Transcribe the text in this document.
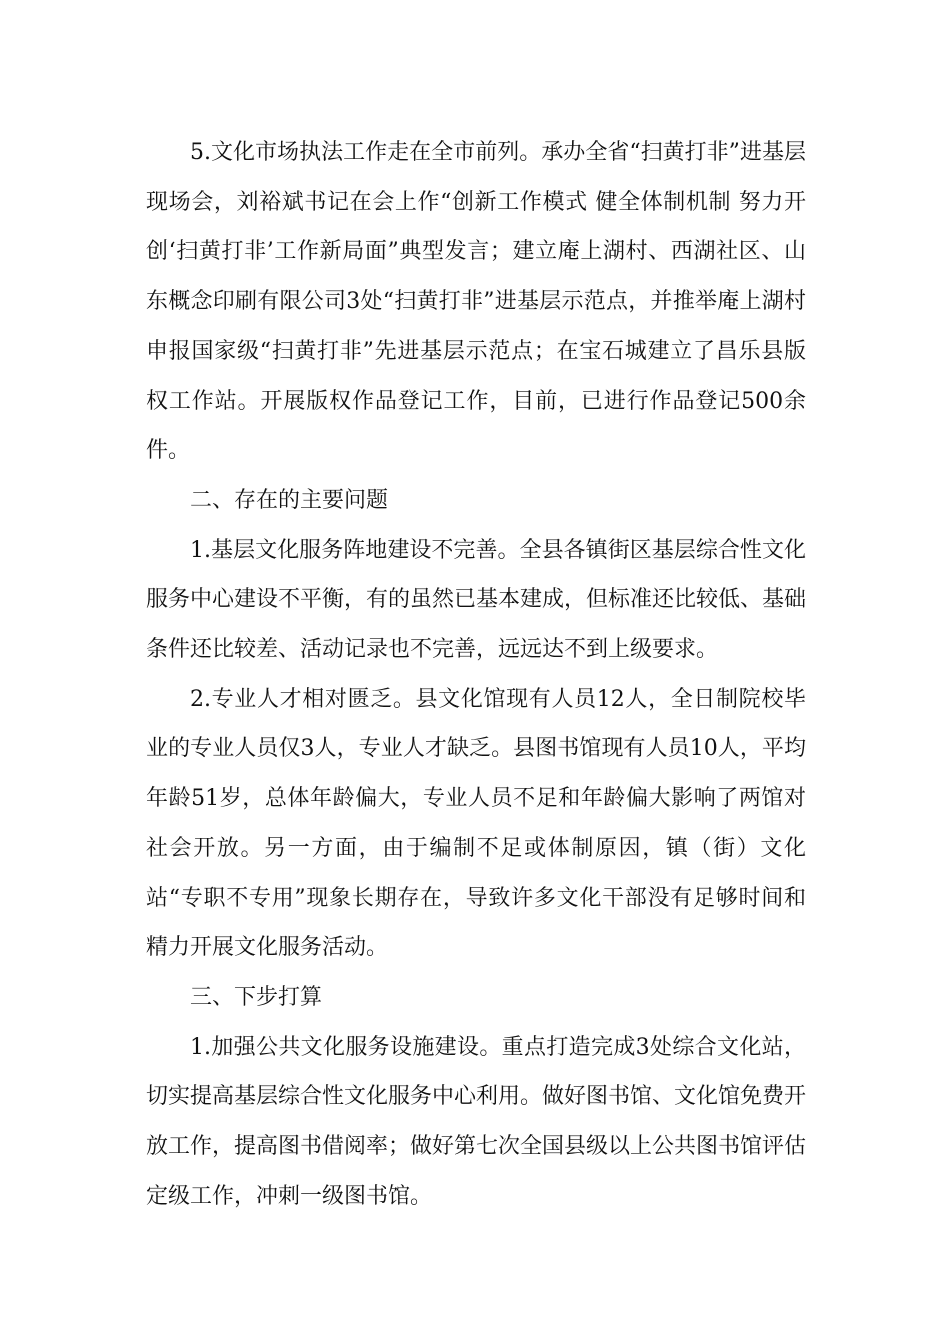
5.文化市场执法工作走在全市前列。承办全省“扫黄打非”进基层现场会，刘裕斌书记在会上作“创新工作模式 健全体制机制 努力开创‘扫黄打非’工作新局面”典型发言；建立庵上湖村、西湖社区、山东概念印刷有限公司3处“扫黄打非”进基层示范点，并推举庵上湖村申报国家级“扫黄打非”先进基层示范点；在宝石城建立了昌乐县版权工作站。开展版权作品登记工作，目前，已进行作品登记500余件。

二、存在的主要问题

1.基层文化服务阵地建设不完善。全县各镇街区基层综合性文化服务中心建设不平衡，有的虽然已基本建成，但标准还比较低、基础条件还比较差、活动记录也不完善，远远达不到上级要求。

2.专业人才相对匮乏。县文化馆现有人员12人，全日制院校毕业的专业人员仅3人，专业人才缺乏。县图书馆现有人员10人，平均年龄51岁，总体年龄偏大，专业人员不足和年龄偏大影响了两馆对社会开放。另一方面，由于编制不足或体制原因，镇（街）文化站“专职不专用”现象长期存在，导致许多文化干部没有足够时间和精力开展文化服务活动。

三、下步打算

1.加强公共文化服务设施建设。重点打造完成3处综合文化站，切实提高基层综合性文化服务中心利用。做好图书馆、文化馆免费开放工作，提高图书借阅率；做好第七次全国县级以上公共图书馆评估定级工作，冲刺一级图书馆。
